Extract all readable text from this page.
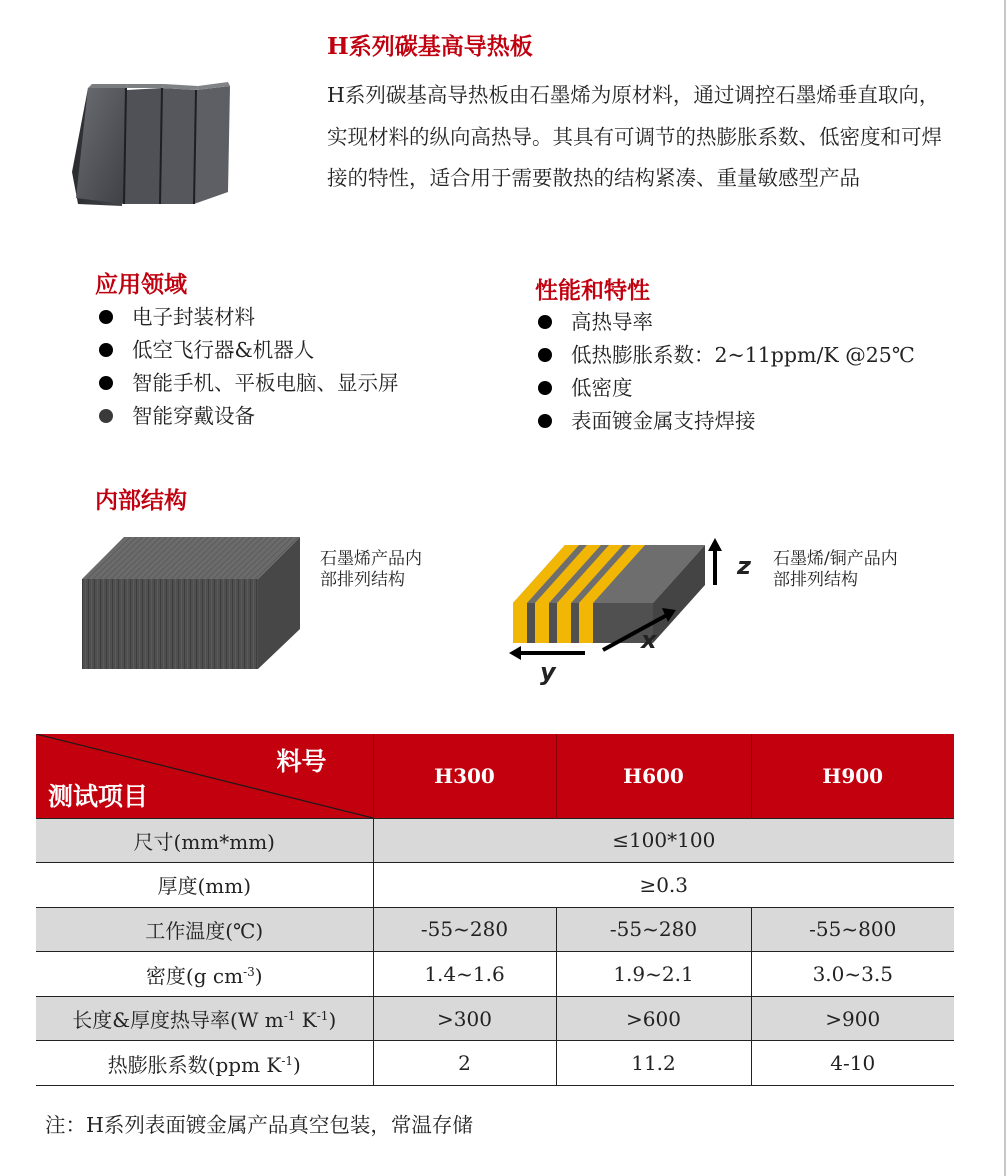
H系列碳基高导热板
H系列碳基高导热板由石墨烯为原材料，通过调控石墨烯垂直取向，实现材料的纵向高热导。其具有可调节的热膨胀系数、低密度和可焊接的特性，适合用于需要散热的结构紧凑、重量敏感型产品
应用领域
电子封装材料
低空飞行器&机器人
智能手机、平板电脑、显示屏
智能穿戴设备
性能和特性
高热导率
低热膨胀系数：2~11ppm/K @25℃
低密度
表面镀金属支持焊接
内部结构
石墨烯产品内
部排列结构	z
x
y
石墨烯/铜产品内
部排列结构
料号
测试项目	H300	H600	H900
尺寸(mm*mm)	≤100*100		
厚度(mm)	≥0.3		
工作温度(℃)	-55~280	-55~280	-55~800
密度(g $cm^{-3}$)	1.4~1.6	1.9~2.1	3.0~3.5
长度&厚度热导率(W $m^{-1}$ $K^{-1}$)	>300	>600	>900
热膨胀系数(ppm $K^{-1}$)	2	11.2	4-10
注：H系列表面镀金属产品真空包装，常温存储
